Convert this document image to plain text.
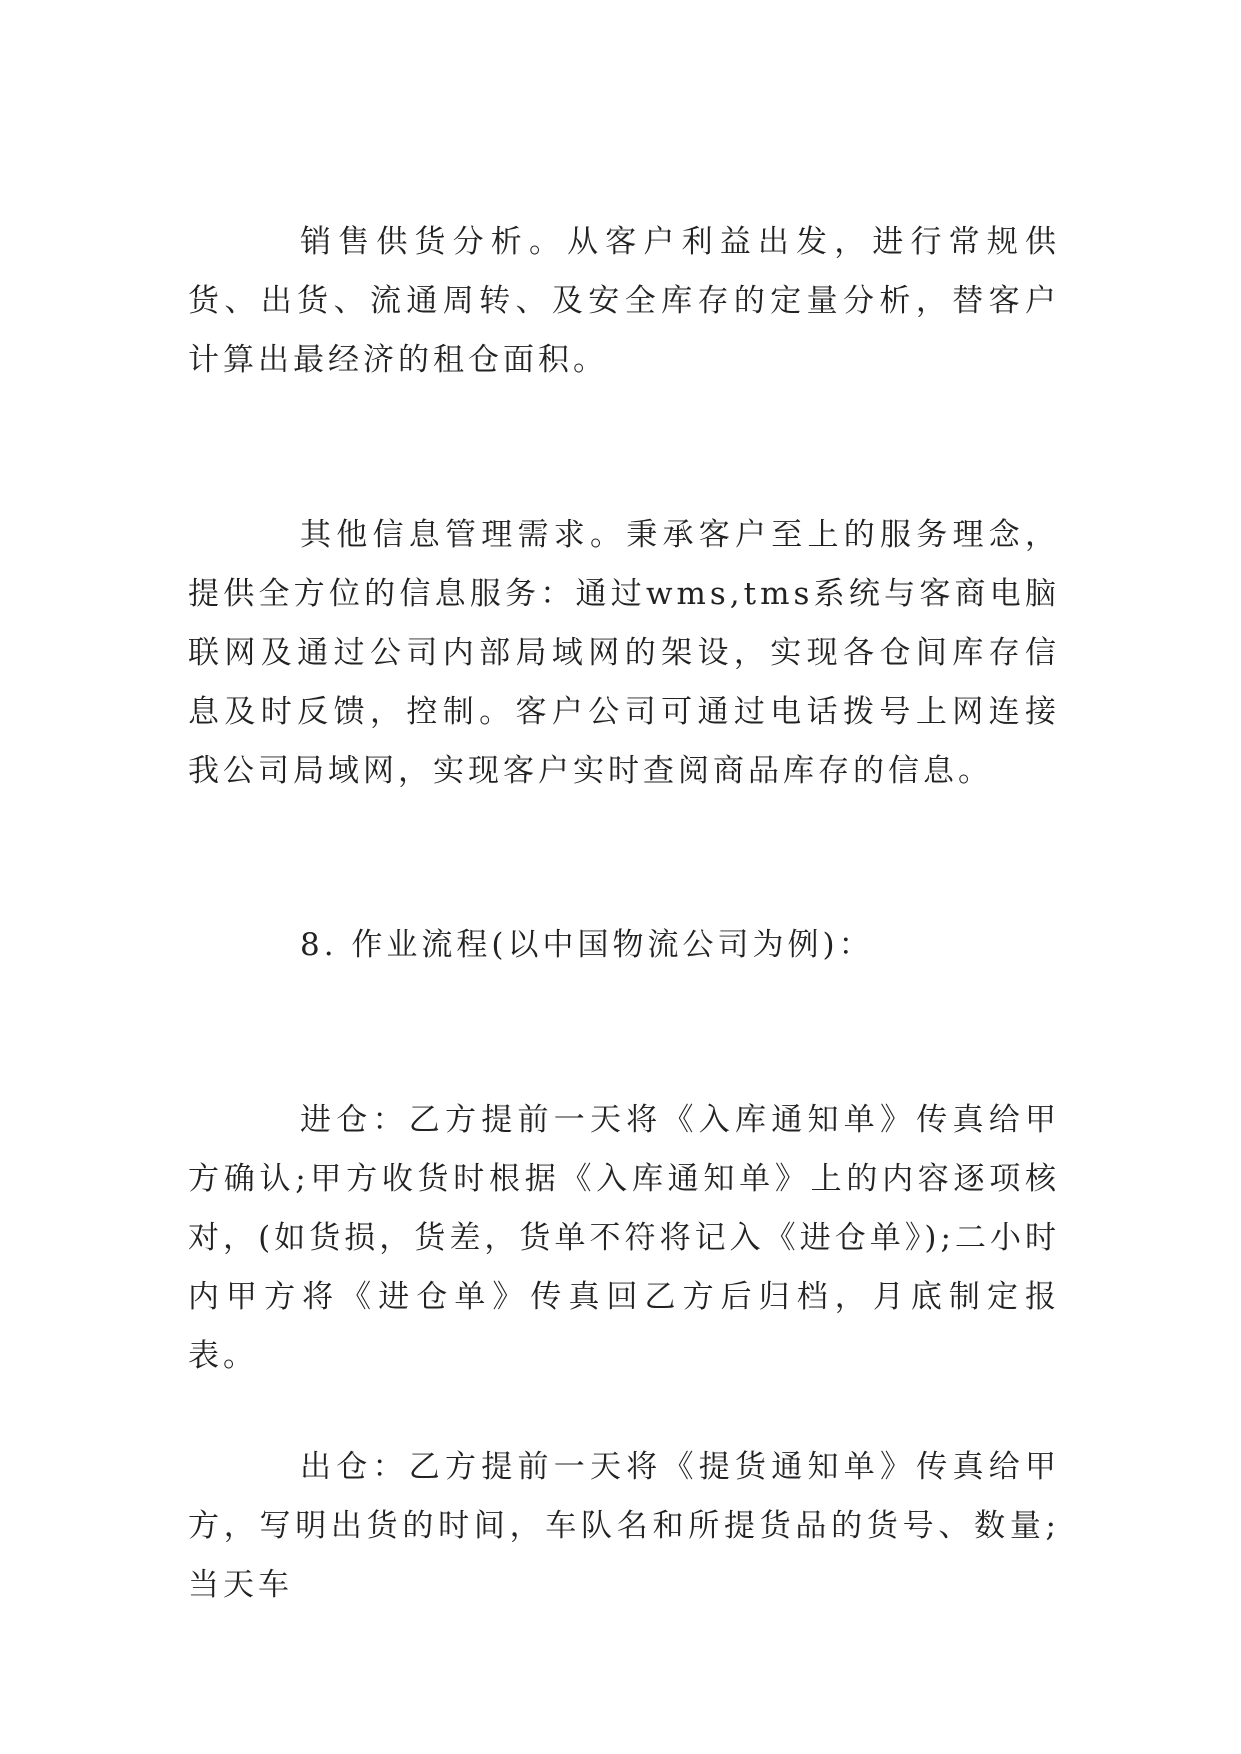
销售供货分析。从客户利益出发，进行常规供货、出货、流通周转、及安全库存的定量分析，替客户计算出最经济的租仓面积。

其他信息管理需求。秉承客户至上的服务理念，提供全方位的信息服务：通过wms,tms系统与客商电脑联网及通过公司内部局域网的架设，实现各仓间库存信息及时反馈，控制。客户公司可通过电话拨号上网连接我公司局域网，实现客户实时查阅商品库存的信息。

8. 作业流程(以中国物流公司为例)：

进仓：乙方提前一天将《入库通知单》传真给甲方确认;甲方收货时根据《入库通知单》上的内容逐项核对，(如货损，货差，货单不符将记入《进仓单》);二小时内甲方将《进仓单》传真回乙方后归档，月底制定报表。

出仓：乙方提前一天将《提货通知单》传真给甲方，写明出货的时间，车队名和所提货品的货号、数量;当天车
